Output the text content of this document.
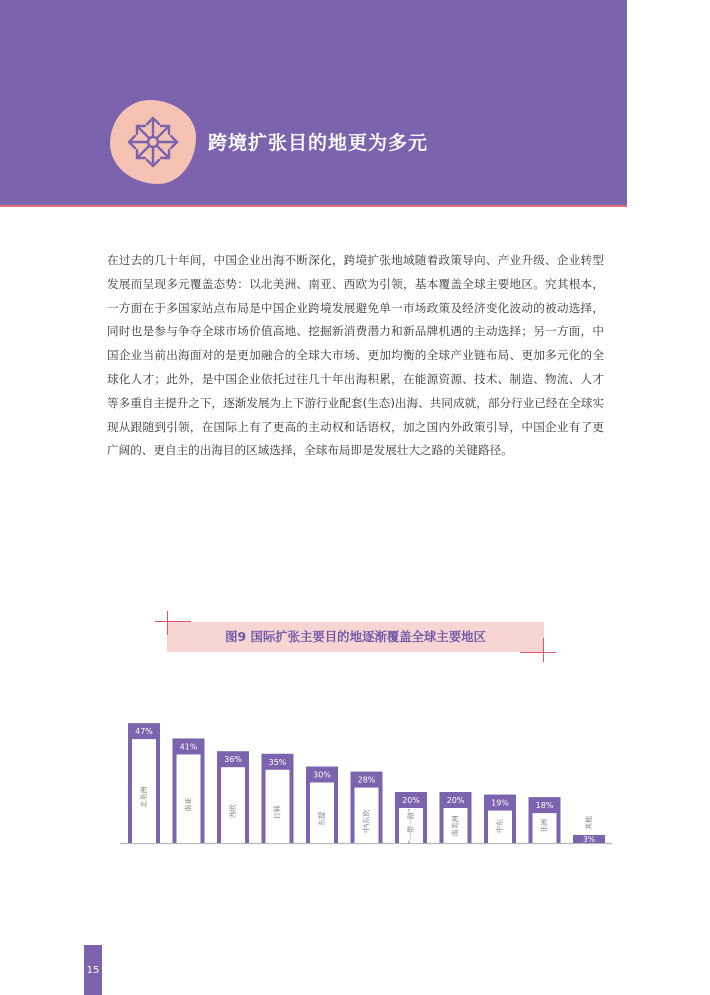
跨境扩张目的地更为多元
在过去的几十年间，中国企业出海不断深化，跨境扩张地域随着政策导向、产业升级、企业转型发展而呈现多元覆盖态势：以北美洲、南亚、西欧为引领，基本覆盖全球主要地区。究其根本，一方面在于多国家站点布局是中国企业跨境发展避免单一市场政策及经济变化波动的被动选择，同时也是参与争夺全球市场价值高地、挖掘新消费潜力和新品牌机遇的主动选择；另一方面，中国企业当前出海面对的是更加融合的全球大市场、更加均衡的全球产业链布局、更加多元化的全球化人才；此外，是中国企业依托过往几十年出海积累，在能源资源、技术、制造、物流、人才等多重自主提升之下，逐渐发展为上下游行业配套(生态)出海、共同成就，部分行业已经在全球实现从跟随到引领，在国际上有了更高的主动权和话语权，加之国内外政策引导，中国企业有了更广阔的、更自主的出海目的区域选择，全球布局即是发展壮大之路的关键路径。
图9 国际扩张主要目的地逐渐覆盖全球主要地区
47%
北美洲
41%
南亚
36%
西欧
35%
日韩
30%
东盟
28%
中\东欧
20%
"一带一路"
20%
南美洲
19%
中东
18%
非洲
3%
其他
15
